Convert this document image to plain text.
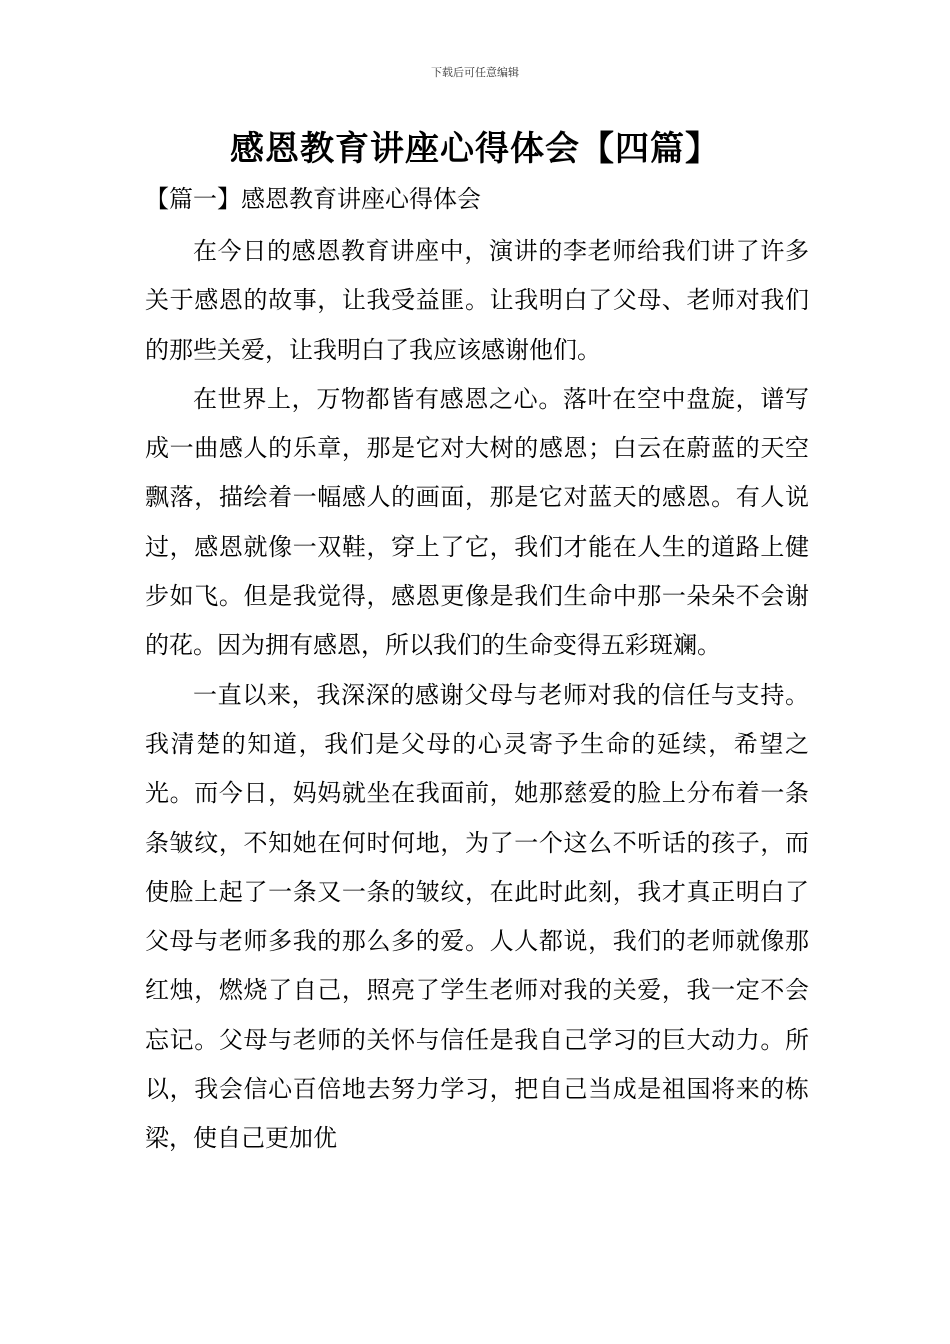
下载后可任意编辑
感恩教育讲座心得体会【四篇】
【篇一】感恩教育讲座心得体会

在今日的感恩教育讲座中，演讲的李老师给我们讲了许多关于感恩的故事，让我受益匪。让我明白了父母、老师对我们的那些关爱，让我明白了我应该感谢他们。

在世界上，万物都皆有感恩之心。落叶在空中盘旋，谱写成一曲感人的乐章，那是它对大树的感恩；白云在蔚蓝的天空飘落，描绘着一幅感人的画面，那是它对蓝天的感恩。有人说过，感恩就像一双鞋，穿上了它，我们才能在人生的道路上健步如飞。但是我觉得，感恩更像是我们生命中那一朵朵不会谢的花。因为拥有感恩，所以我们的生命变得五彩斑斓。

一直以来，我深深的感谢父母与老师对我的信任与支持。我清楚的知道，我们是父母的心灵寄予生命的延续，希望之光。而今日，妈妈就坐在我面前，她那慈爱的脸上分布着一条条皱纹，不知她在何时何地，为了一个这么不听话的孩子，而使脸上起了一条又一条的皱纹，在此时此刻，我才真正明白了父母与老师多我的那么多的爱。人人都说，我们的老师就像那红烛，燃烧了自己，照亮了学生老师对我的关爱，我一定不会忘记。父母与老师的关怀与信任是我自己学习的巨大动力。所以，我会信心百倍地去努力学习，把自己当成是祖国将来的栋梁，使自己更加优
